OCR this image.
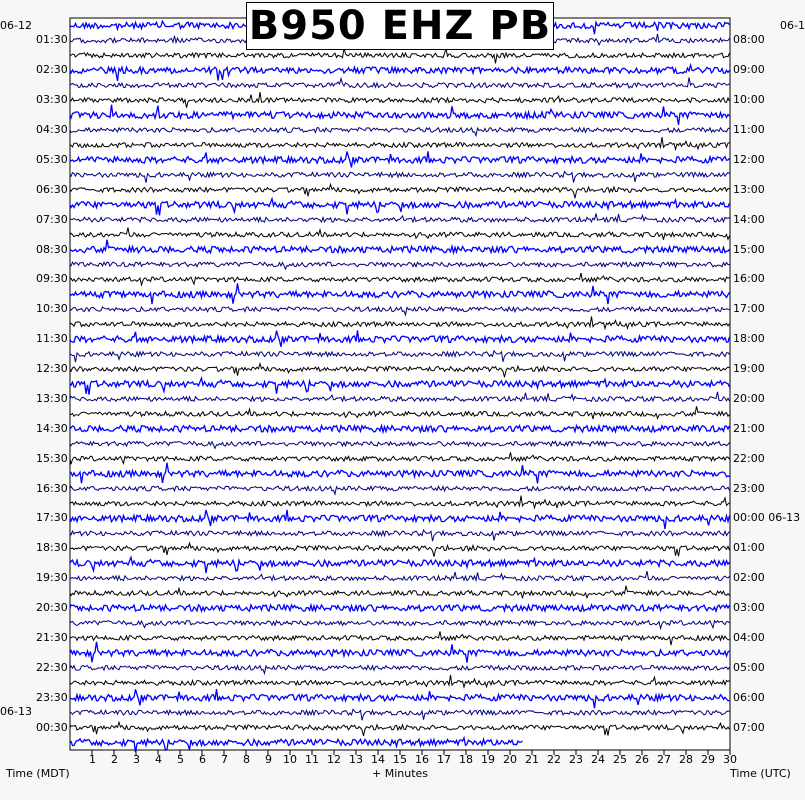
B950 EHZ PB
06-12	06-1
06-13
01:30
02:30
03:30
04:30
05:30
06:30
07:30
08:30
09:30
10:30
11:30
12:30
13:30
14:30
15:30
16:30
17:30
18:30
19:30
20:30
21:30
22:30
23:30
00:30
08:00
09:00
10:00
11:00
12:00
13:00
14:00
15:00
16:00
17:00
18:00
19:00
20:00
21:00
22:00
23:00
00:00 06-13
01:00
02:00
03:00
04:00
05:00
06:00
07:00
1 2 3 4 5 6 7 8 9 10 11 12 13 14 15 16 17 18 19 20 21 22 23 24 25 26 27 28 29 30
Time (MDT)	+ Minutes	Time (UTC)
